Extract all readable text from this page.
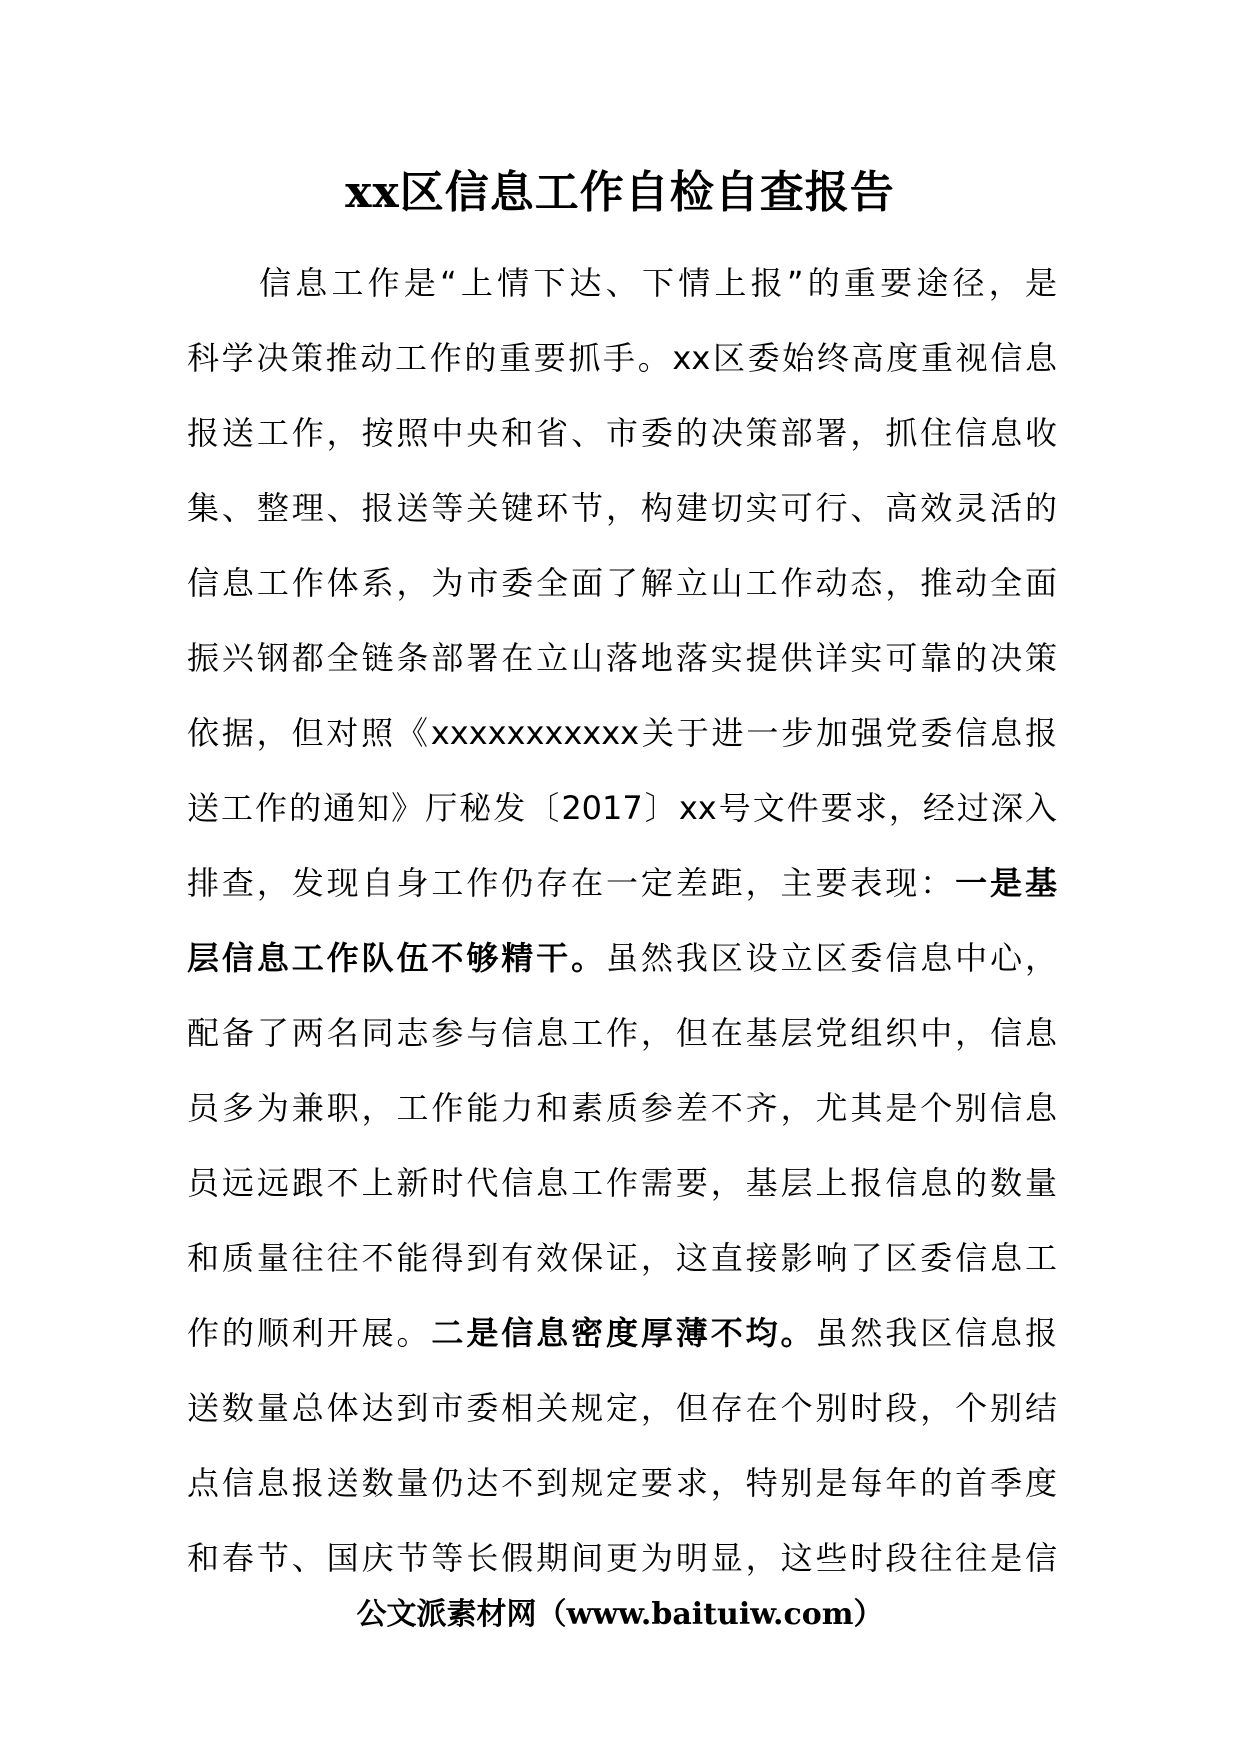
xx区信息工作自检自查报告
信息工作是“上情下达、下情上报”的重要途径，是
科学决策推动工作的重要抓手。xx区委始终高度重视信息
报送工作，按照中央和省、市委的决策部署，抓住信息收
集、整理、报送等关键环节，构建切实可行、高效灵活的
信息工作体系，为市委全面了解立山工作动态，推动全面
振兴钢都全链条部署在立山落地落实提供详实可靠的决策
依据，但对照《xxxxxxxxxxx关于进一步加强党委信息报
送工作的通知》厅秘发〔2017〕xx号文件要求，经过深入
排查，发现自身工作仍存在一定差距，主要表现：一是基
层信息工作队伍不够精干。虽然我区设立区委信息中心，
配备了两名同志参与信息工作，但在基层党组织中，信息
员多为兼职，工作能力和素质参差不齐，尤其是个别信息
员远远跟不上新时代信息工作需要，基层上报信息的数量
和质量往往不能得到有效保证，这直接影响了区委信息工
作的顺利开展。二是信息密度厚薄不均。虽然我区信息报
送数量总体达到市委相关规定，但存在个别时段，个别结
点信息报送数量仍达不到规定要求，特别是每年的首季度
和春节、国庆节等长假期间更为明显，这些时段往往是信
公文派素材网（www.baituiw.com）
